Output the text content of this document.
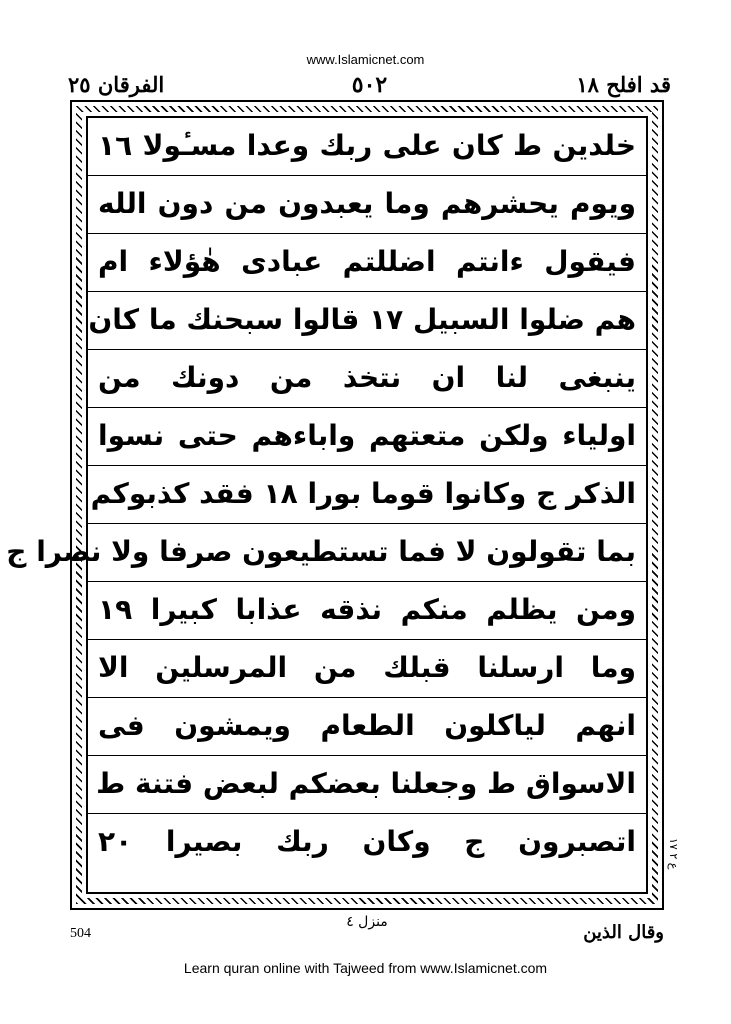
www.Islamicnet.com
الفرقان ٢٥	٥٠٢	قد افلح ١٨
خلدين ط كان على ربك وعدا مسـٔولا ١٦
ويوم يحشرهم وما يعبدون من دون الله
فيقول ءانتم اضللتم عبادى هٰؤلاء ام
هم ضلوا السبيل ١٧ قالوا سبحنك ما كان
ينبغى لنا ان نتخذ من دونك من
اولياء ولكن متعتهم واباءهم حتى نسوا
الذكر ج وكانوا قوما بورا ١٨ فقد كذبوكم
بما تقولون لا فما تستطيعون صرفا ولا نصرا ج
ومن يظلم منكم نذقه عذابا كبيرا ١٩
وما ارسلنا قبلك من المرسلين الا
انهم لياكلون الطعام ويمشون فى
الاسواق ط وجعلنا بعضكم لبعض فتنة ط
اتصبرون ج وكان ربك بصيرا ٢٠	ع ٢ ١٧
504
منزل ٤	وقال الذين
Learn quran online with Tajweed from www.Islamicnet.com
